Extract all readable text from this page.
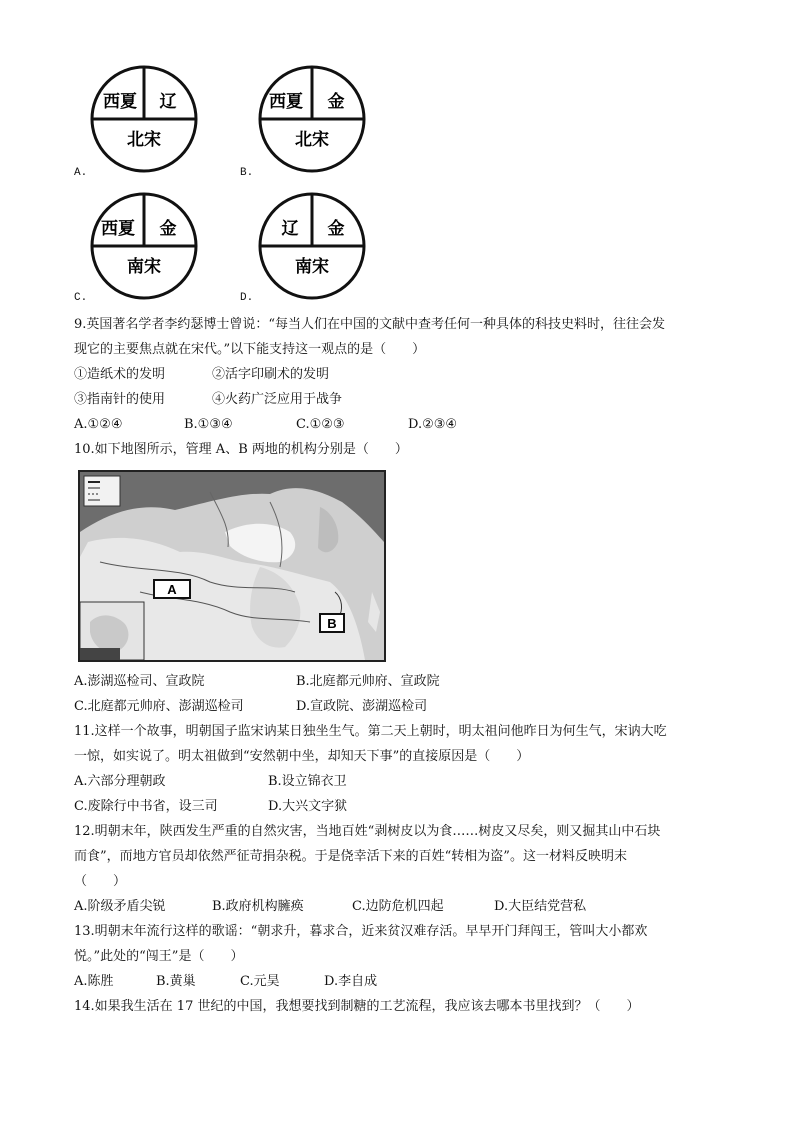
西夏 辽
北宋
A.
西夏 金
北宋
B.
西夏 金
南宋
C.
辽 金
南宋
D.
9.英国著名学者李约瑟博士曾说：“每当人们在中国的文献中查考任何一种具体的科技史料时，往往会发
现它的主要焦点就在宋代。”以下能支持这一观点的是（　　）
①造纸术的发明	②活字印刷术的发明
③指南针的使用	④火药广泛应用于战争
A.①②④	B.①③④	C.①②③	D.②③④
10.如下地图所示，管理 A、B 两地的机构分别是（　　）
A
B
A.澎湖巡检司、宣政院	B.北庭都元帅府、宣政院
C.北庭都元帅府、澎湖巡检司	D.宣政院、澎湖巡检司
11.这样一个故事，明朝国子监宋讷某日独坐生气。第二天上朝时，明太祖问他昨日为何生气，宋讷大吃
一惊，如实说了。明太祖做到“安然朝中坐，却知天下事”的直接原因是（　　）
A.六部分理朝政	B.设立锦衣卫
C.废除行中书省，设三司	D.大兴文字狱
12.明朝末年，陕西发生严重的自然灾害，当地百姓“剥树皮以为食……树皮又尽矣，则又掘其山中石块
而食”，而地方官员却依然严征苛捐杂税。于是侥幸活下来的百姓“转相为盗”。这一材料反映明末
（　　）
A.阶级矛盾尖锐	B.政府机构臃痪	C.边防危机四起	D.大臣结党营私
13.明朝末年流行这样的歌谣：“朝求升，暮求合，近来贫汉难存活。早早开门拜闯王，管叫大小都欢
悦。”此处的“闯王”是（　　）
A.陈胜	B.黄巢	C.元昊	D.李自成
14.如果我生活在 17 世纪的中国，我想要找到制糖的工艺流程，我应该去哪本书里找到？（　　）
